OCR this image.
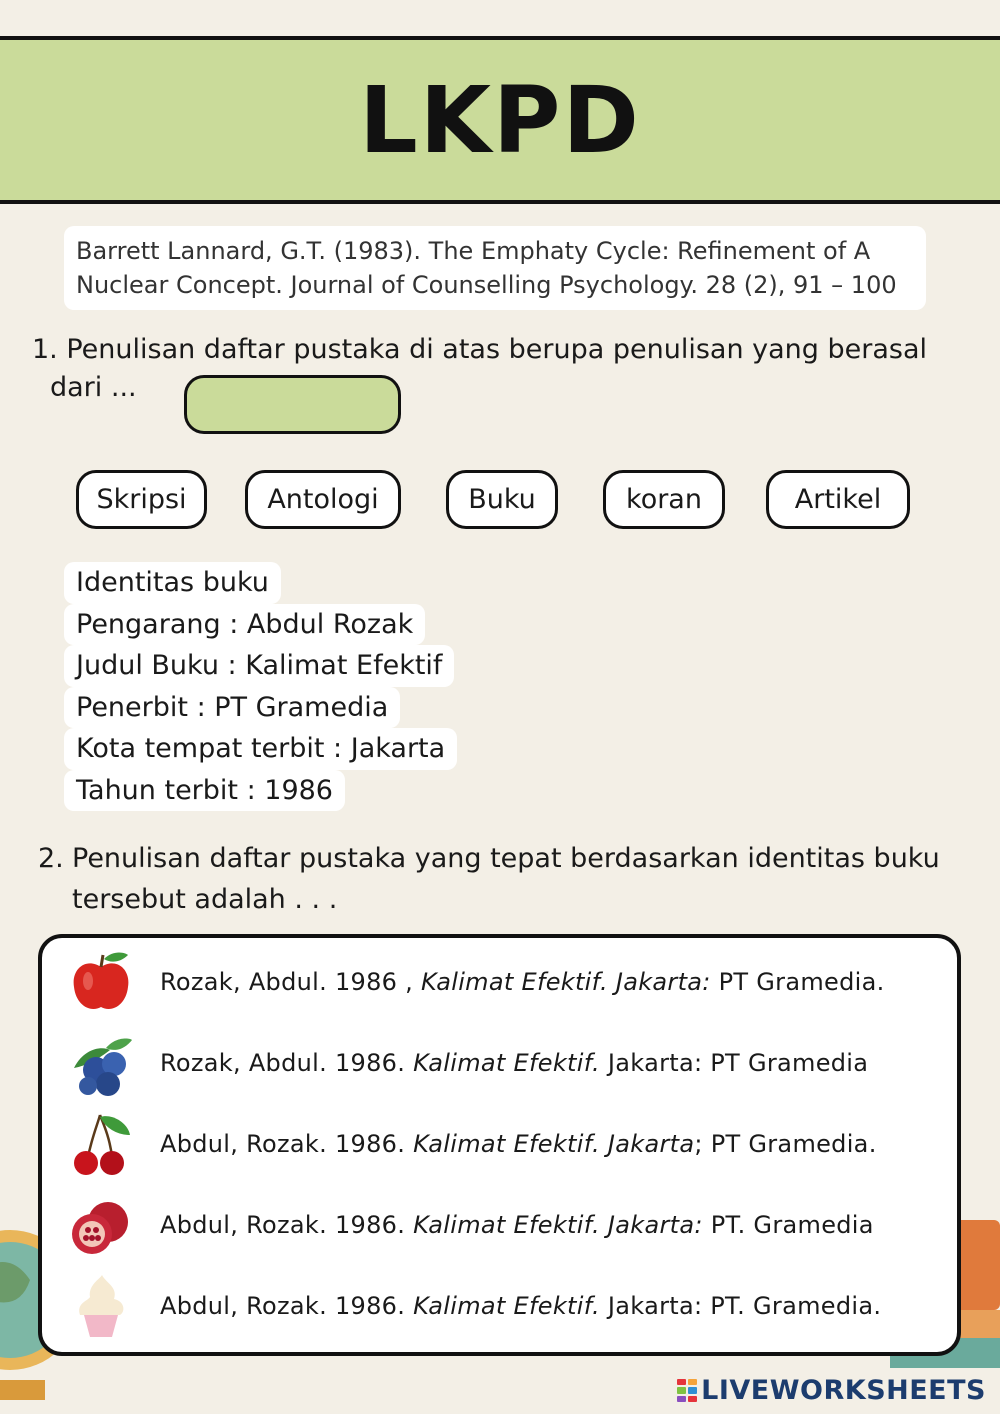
LKPD
Barrett Lannard, G.T. (1983). The Emphaty Cycle: Refinement of A
Nuclear Concept. Journal of Counselling Psychology. 28 (2), 91 – 100
1. Penulisan daftar pustaka di atas berupa penulisan yang berasal
dari ...
Skripsi	Antologi	Buku	koran	Artikel
Identitas buku
Pengarang : Abdul Rozak
Judul Buku : Kalimat Efektif
Penerbit : PT Gramedia
Kota tempat terbit : Jakarta
Tahun terbit : 1986
2. Penulisan daftar pustaka yang tepat berdasarkan identitas buku
tersebut adalah . . .
Rozak, Abdul. 1986 , Kalimat Efektif. Jakarta: PT Gramedia.
Rozak, Abdul. 1986. Kalimat Efektif. Jakarta: PT Gramedia
Abdul, Rozak. 1986. Kalimat Efektif. Jakarta; PT Gramedia.
Abdul, Rozak. 1986. Kalimat Efektif. Jakarta: PT. Gramedia
Abdul, Rozak. 1986. Kalimat Efektif. Jakarta: PT. Gramedia.
LIVEWORKSHEETS
